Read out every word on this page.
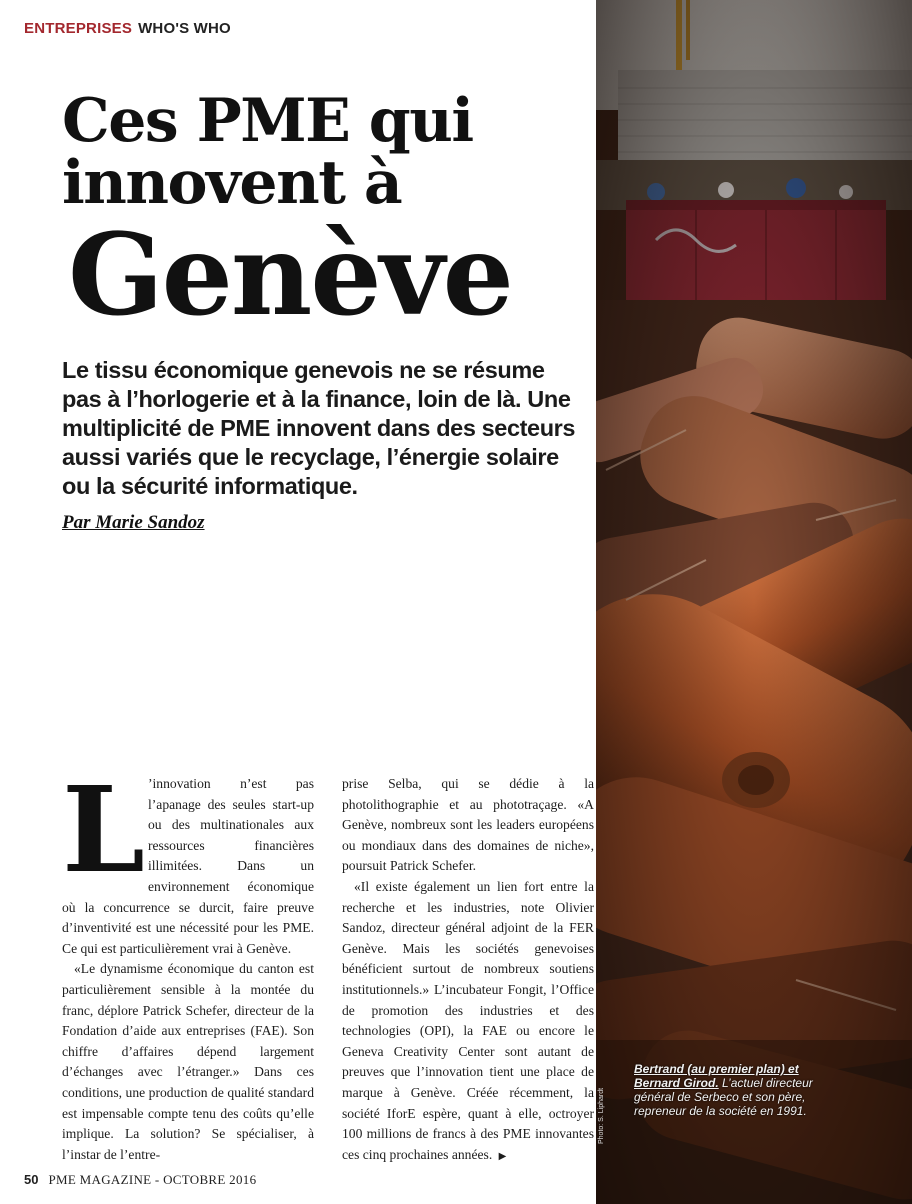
ENTREPRISES WHO'S WHO
Ces PME qui
innovent à
Genève

Le tissu économique genevois ne se résume pas à l’horlogerie et à la finance, loin de là. Une multiplicité de PME innovent dans des secteurs aussi variés que le recyclage, l’énergie solaire ou la sécurité informatique.

Par Marie Sandoz

L ’innovation n’est pas l’apanage des seules start-up ou des multinationales aux ressources financières illimitées. Dans un environnement économique où la concurrence se durcit, faire preuve d’inventivité est une nécessité pour les PME. Ce qui est particulièrement vrai à Genève.

«Le dynamisme économique du canton est particulièrement sensible à la montée du franc, déplore Patrick Schefer, directeur de la Fondation d’aide aux entreprises (FAE). Son chiffre d’affaires dépend largement d’échanges avec l’étranger.» Dans ces conditions, une production de qualité standard est impensable compte tenu des coûts qu’elle implique. La solution? Se spécialiser, à l’instar de l’entre-

prise Selba, qui se dédie à la photolithographie et au phototraçage. «A Genève, nombreux sont les leaders européens ou mondiaux dans des domaines de niche», poursuit Patrick Schefer.

«Il existe également un lien fort entre la recherche et les industries, note Olivier Sandoz, directeur général adjoint de la FER Genève. Mais les sociétés genevoises bénéficient surtout de nombreux soutiens institutionnels.» L’incubateur Fongit, l’Office de promotion des industries et des technologies (OPI), la FAE ou encore le Geneva Creativity Center sont autant de preuves que l’innovation tient une place de marque à Genève. Créée récemment, la société IforE espère, quant à elle, octroyer 100 millions de francs à des PME innovantes ces cinq prochaines années. ▶

Photo: S. Liphardt
Bertrand (au premier plan) et Bernard Girod. L’actuel directeur général de Serbeco et son père, repreneur de la société en 1991.
50 PME MAGAZINE - OCTOBRE 2016
